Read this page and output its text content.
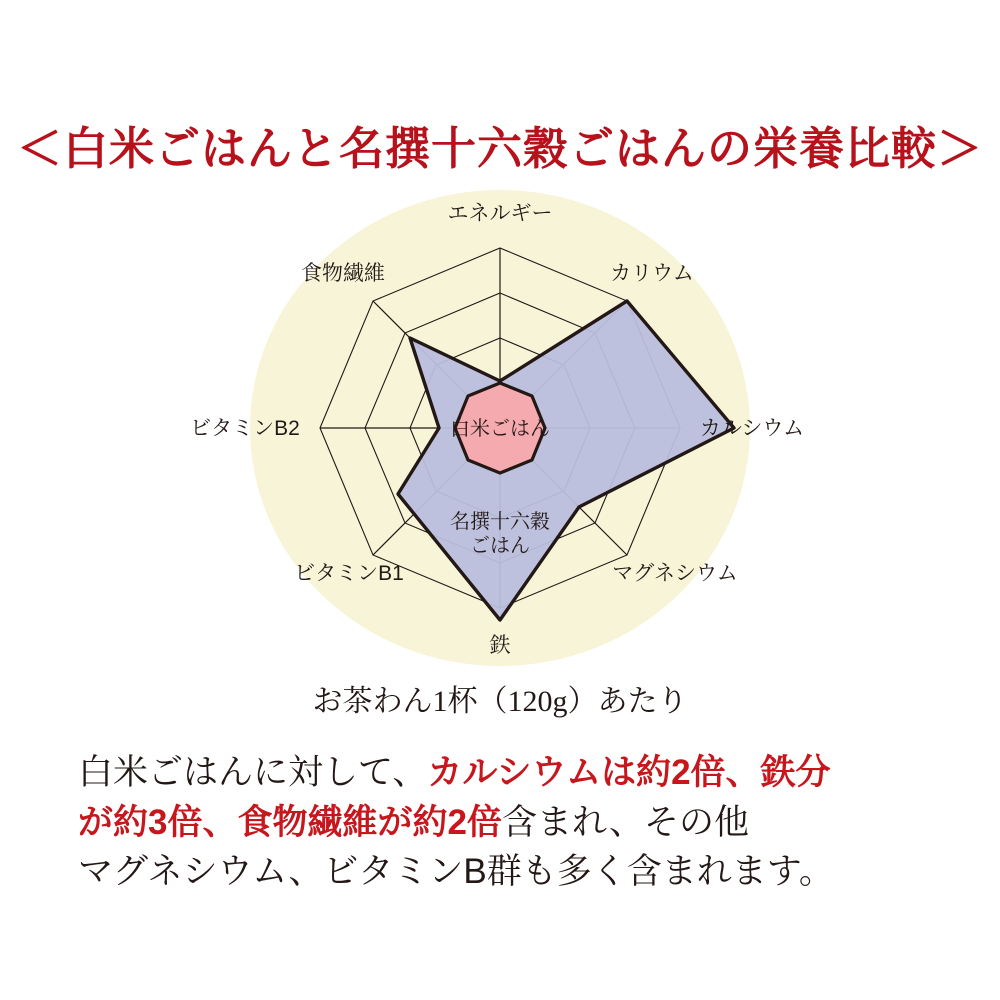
＜白米ごはんと名撰十六穀ごはんの栄養比較＞
白米ごはん
名撰十六穀
ごはん
エネルギー
カリウム
カルシウム
マグネシウム
鉄
ビタミンB1
ビタミンB2
食物繊維
お茶わん1杯（120g）あたり
白米ごはんに対して、カルシウムは約2倍、鉄分
が約3倍、食物繊維が約2倍含まれ、その他
マグネシウム、ビタミンB群も多く含まれます。
